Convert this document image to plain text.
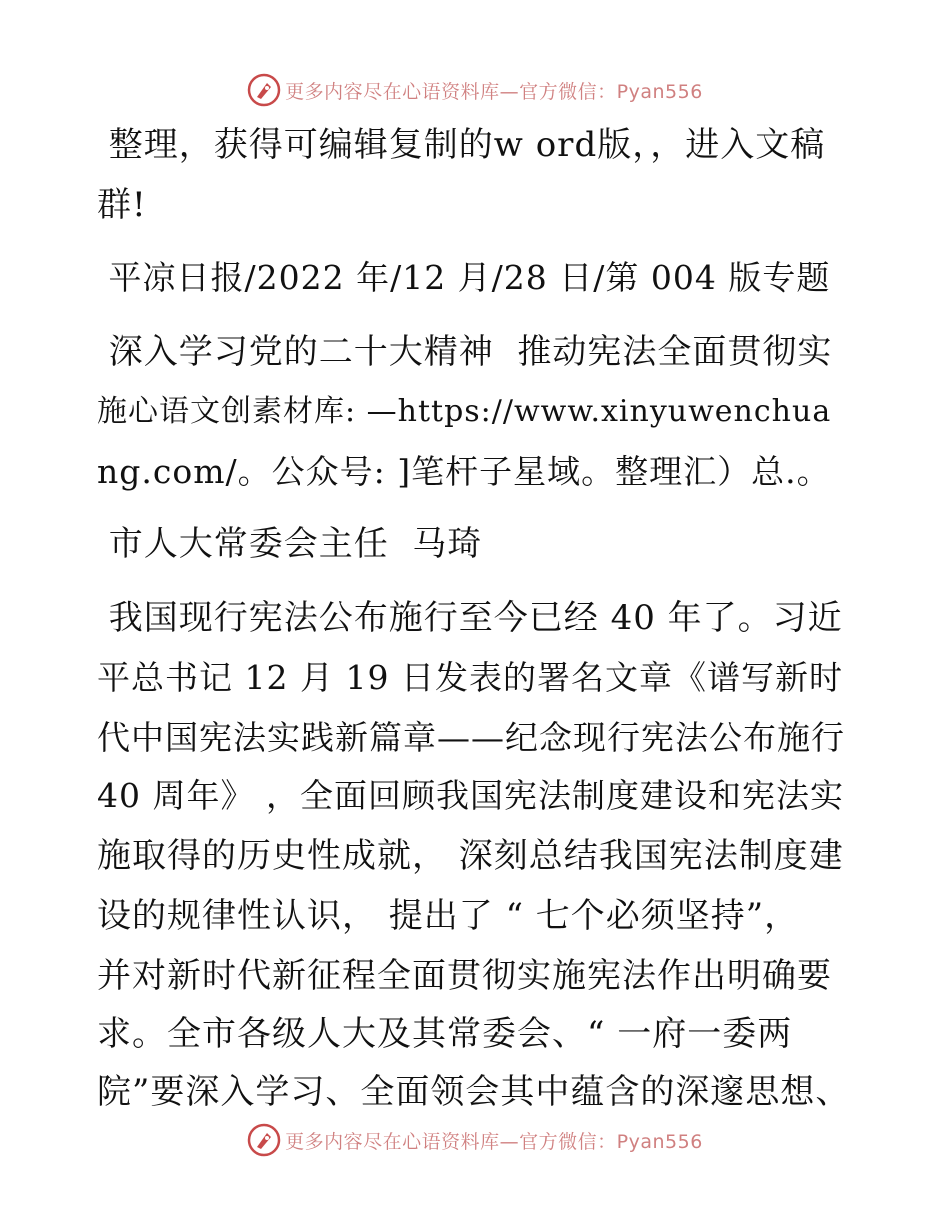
更多内容尽在心语资料库—官方微信：Pyan556
整理，获得可编辑复制的w ord版，，进入文稿
群!
平凉日报/2022 年/12 月/28 日/第 004 版专题
深入学习党的二十大精神  推动宪法全面贯彻实
施心语文创素材库: —https://www.xinyuwenchua
ng.com/。公众号: ]笔杆子星域。整理汇）总.。
市人大常委会主任  马琦
我国现行宪法公布施行至今已经 40 年了。习近
平总书记 12 月 19 日发表的署名文章《谱写新时
代中国宪法实践新篇章——纪念现行宪法公布施行
40 周年》 ，全面回顾我国宪法制度建设和宪法实
施取得的历史性成就， 深刻总结我国宪法制度建
设的规律性认识， 提出了 “ 七个必须坚持”，
并对新时代新征程全面贯彻实施宪法作出明确要
求。全市各级人大及其常委会、“ 一府一委两
院”要深入学习、全面领会其中蕴含的深邃思想、
更多内容尽在心语资料库—官方微信：Pyan556
